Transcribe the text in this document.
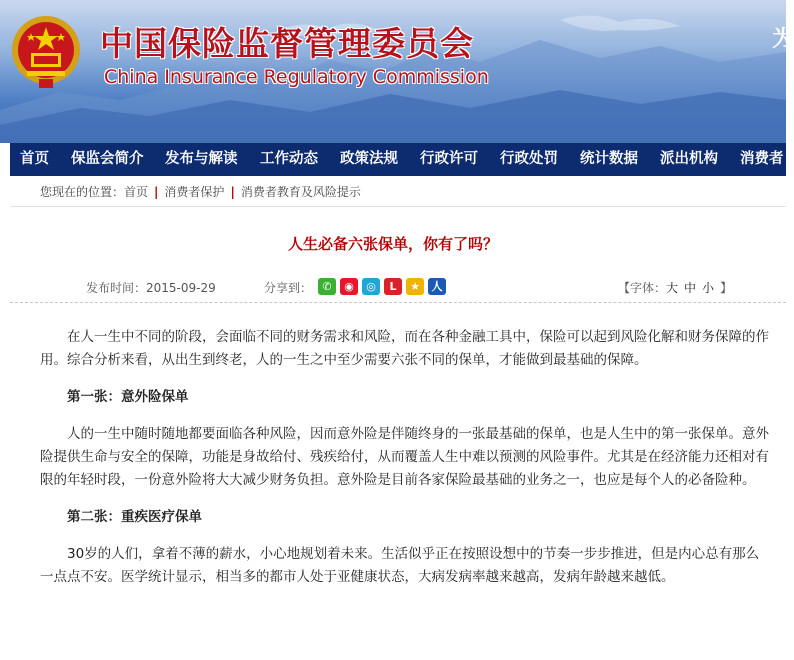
中国保险监督管理委员会
China Insurance Regulatory Commission
为
首页 保监会简介 发布与解读 工作动态 政策法规 行政许可 行政处罚 统计数据 派出机构 消费者
您现在的位置：首页 | 消费者保护 | 消费者教育及风险提示
人生必备六张保单，你有了吗？
发布时间：2015-09-29	分享到： ✆	◉	◎	L	★	人	【字体：大 中 小 】

在人一生中不同的阶段，会面临不同的财务需求和风险，而在各种金融工具中，保险可以起到风险化解和财务保障的作用。综合分析来看，从出生到终老，人的一生之中至少需要六张不同的保单，才能做到最基础的保障。

第一张：意外险保单

人的一生中随时随地都要面临各种风险，因而意外险是伴随终身的一张最基础的保单，也是人生中的第一张保单。意外险提供生命与安全的保障，功能是身故给付、残疾给付，从而覆盖人生中难以预测的风险事件。尤其是在经济能力还相对有限的年轻时段，一份意外险将大大减少财务负担。意外险是目前各家保险最基础的业务之一，也应是每个人的必备险种。

第二张：重疾医疗保单

30岁的人们，拿着不薄的薪水，小心地规划着未来。生活似乎正在按照设想中的节奏一步步推进，但是内心总有那么一点点不安。医学统计显示，相当多的都市人处于亚健康状态，大病发病率越来越高，发病年龄越来越低。
